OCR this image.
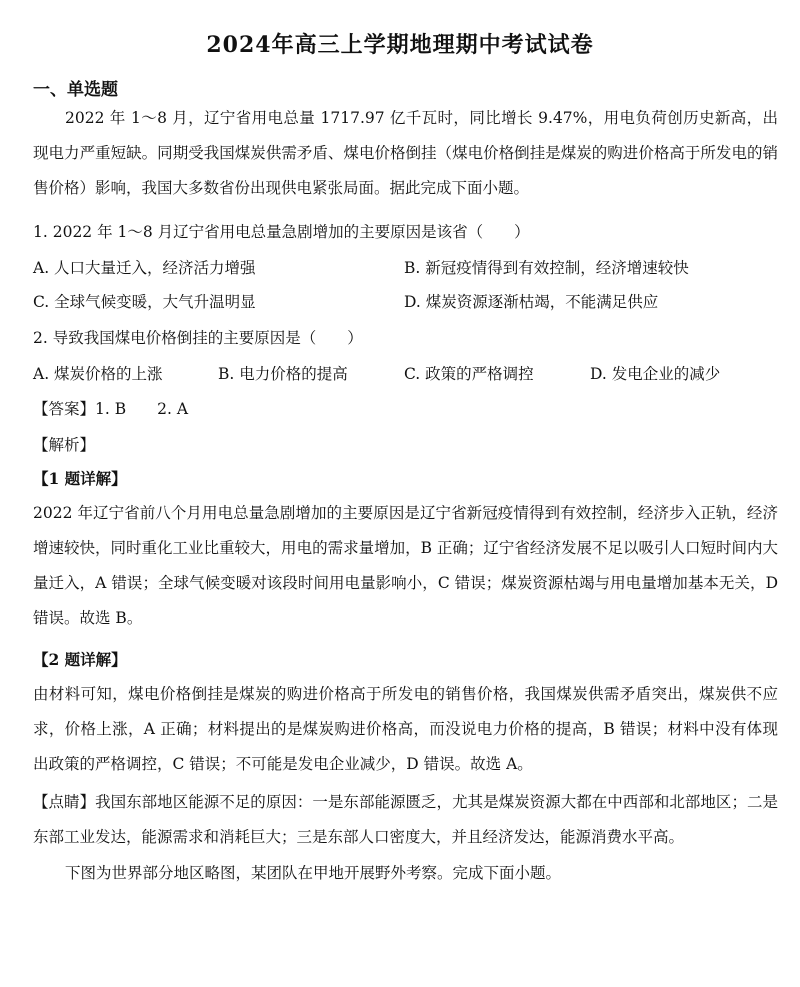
2024年高三上学期地理期中考试试卷
一、单选题
2022 年 1～8 月，辽宁省用电总量 1717.97 亿千瓦时，同比增长 9.47%，用电负荷创历史新高，出现电力严重短缺。同期受我国煤炭供需矛盾、煤电价格倒挂（煤电价格倒挂是煤炭的购进价格高于所发电的销售价格）影响，我国大多数省份出现供电紧张局面。据此完成下面小题。
1. 2022 年 1～8 月辽宁省用电总量急剧增加的主要原因是该省（　　）
A. 人口大量迁入，经济活力增强	B. 新冠疫情得到有效控制，经济增速较快
C. 全球气候变暖，大气升温明显	D. 煤炭资源逐渐枯竭，不能满足供应
2. 导致我国煤电价格倒挂的主要原因是（　　）
A. 煤炭价格的上涨	B. 电力价格的提高	C. 政策的严格调控	D. 发电企业的减少
【答案】1. B　　2. A
【解析】
【1 题详解】
2022 年辽宁省前八个月用电总量急剧增加的主要原因是辽宁省新冠疫情得到有效控制，经济步入正轨，经济增速较快，同时重化工业比重较大，用电的需求量增加，B 正确；辽宁省经济发展不足以吸引人口短时间内大量迁入，A 错误；全球气候变暖对该段时间用电量影响小，C 错误；煤炭资源枯竭与用电量增加基本无关，D 错误。故选 B。
【2 题详解】
由材料可知，煤电价格倒挂是煤炭的购进价格高于所发电的销售价格，我国煤炭供需矛盾突出，煤炭供不应求，价格上涨，A 正确；材料提出的是煤炭购进价格高，而没说电力价格的提高，B 错误；材料中没有体现出政策的严格调控，C 错误；不可能是发电企业减少，D 错误。故选 A。
【点睛】我国东部地区能源不足的原因：一是东部能源匮乏，尤其是煤炭资源大都在中西部和北部地区；二是东部工业发达，能源需求和消耗巨大；三是东部人口密度大，并且经济发达，能源消费水平高。
下图为世界部分地区略图，某团队在甲地开展野外考察。完成下面小题。
